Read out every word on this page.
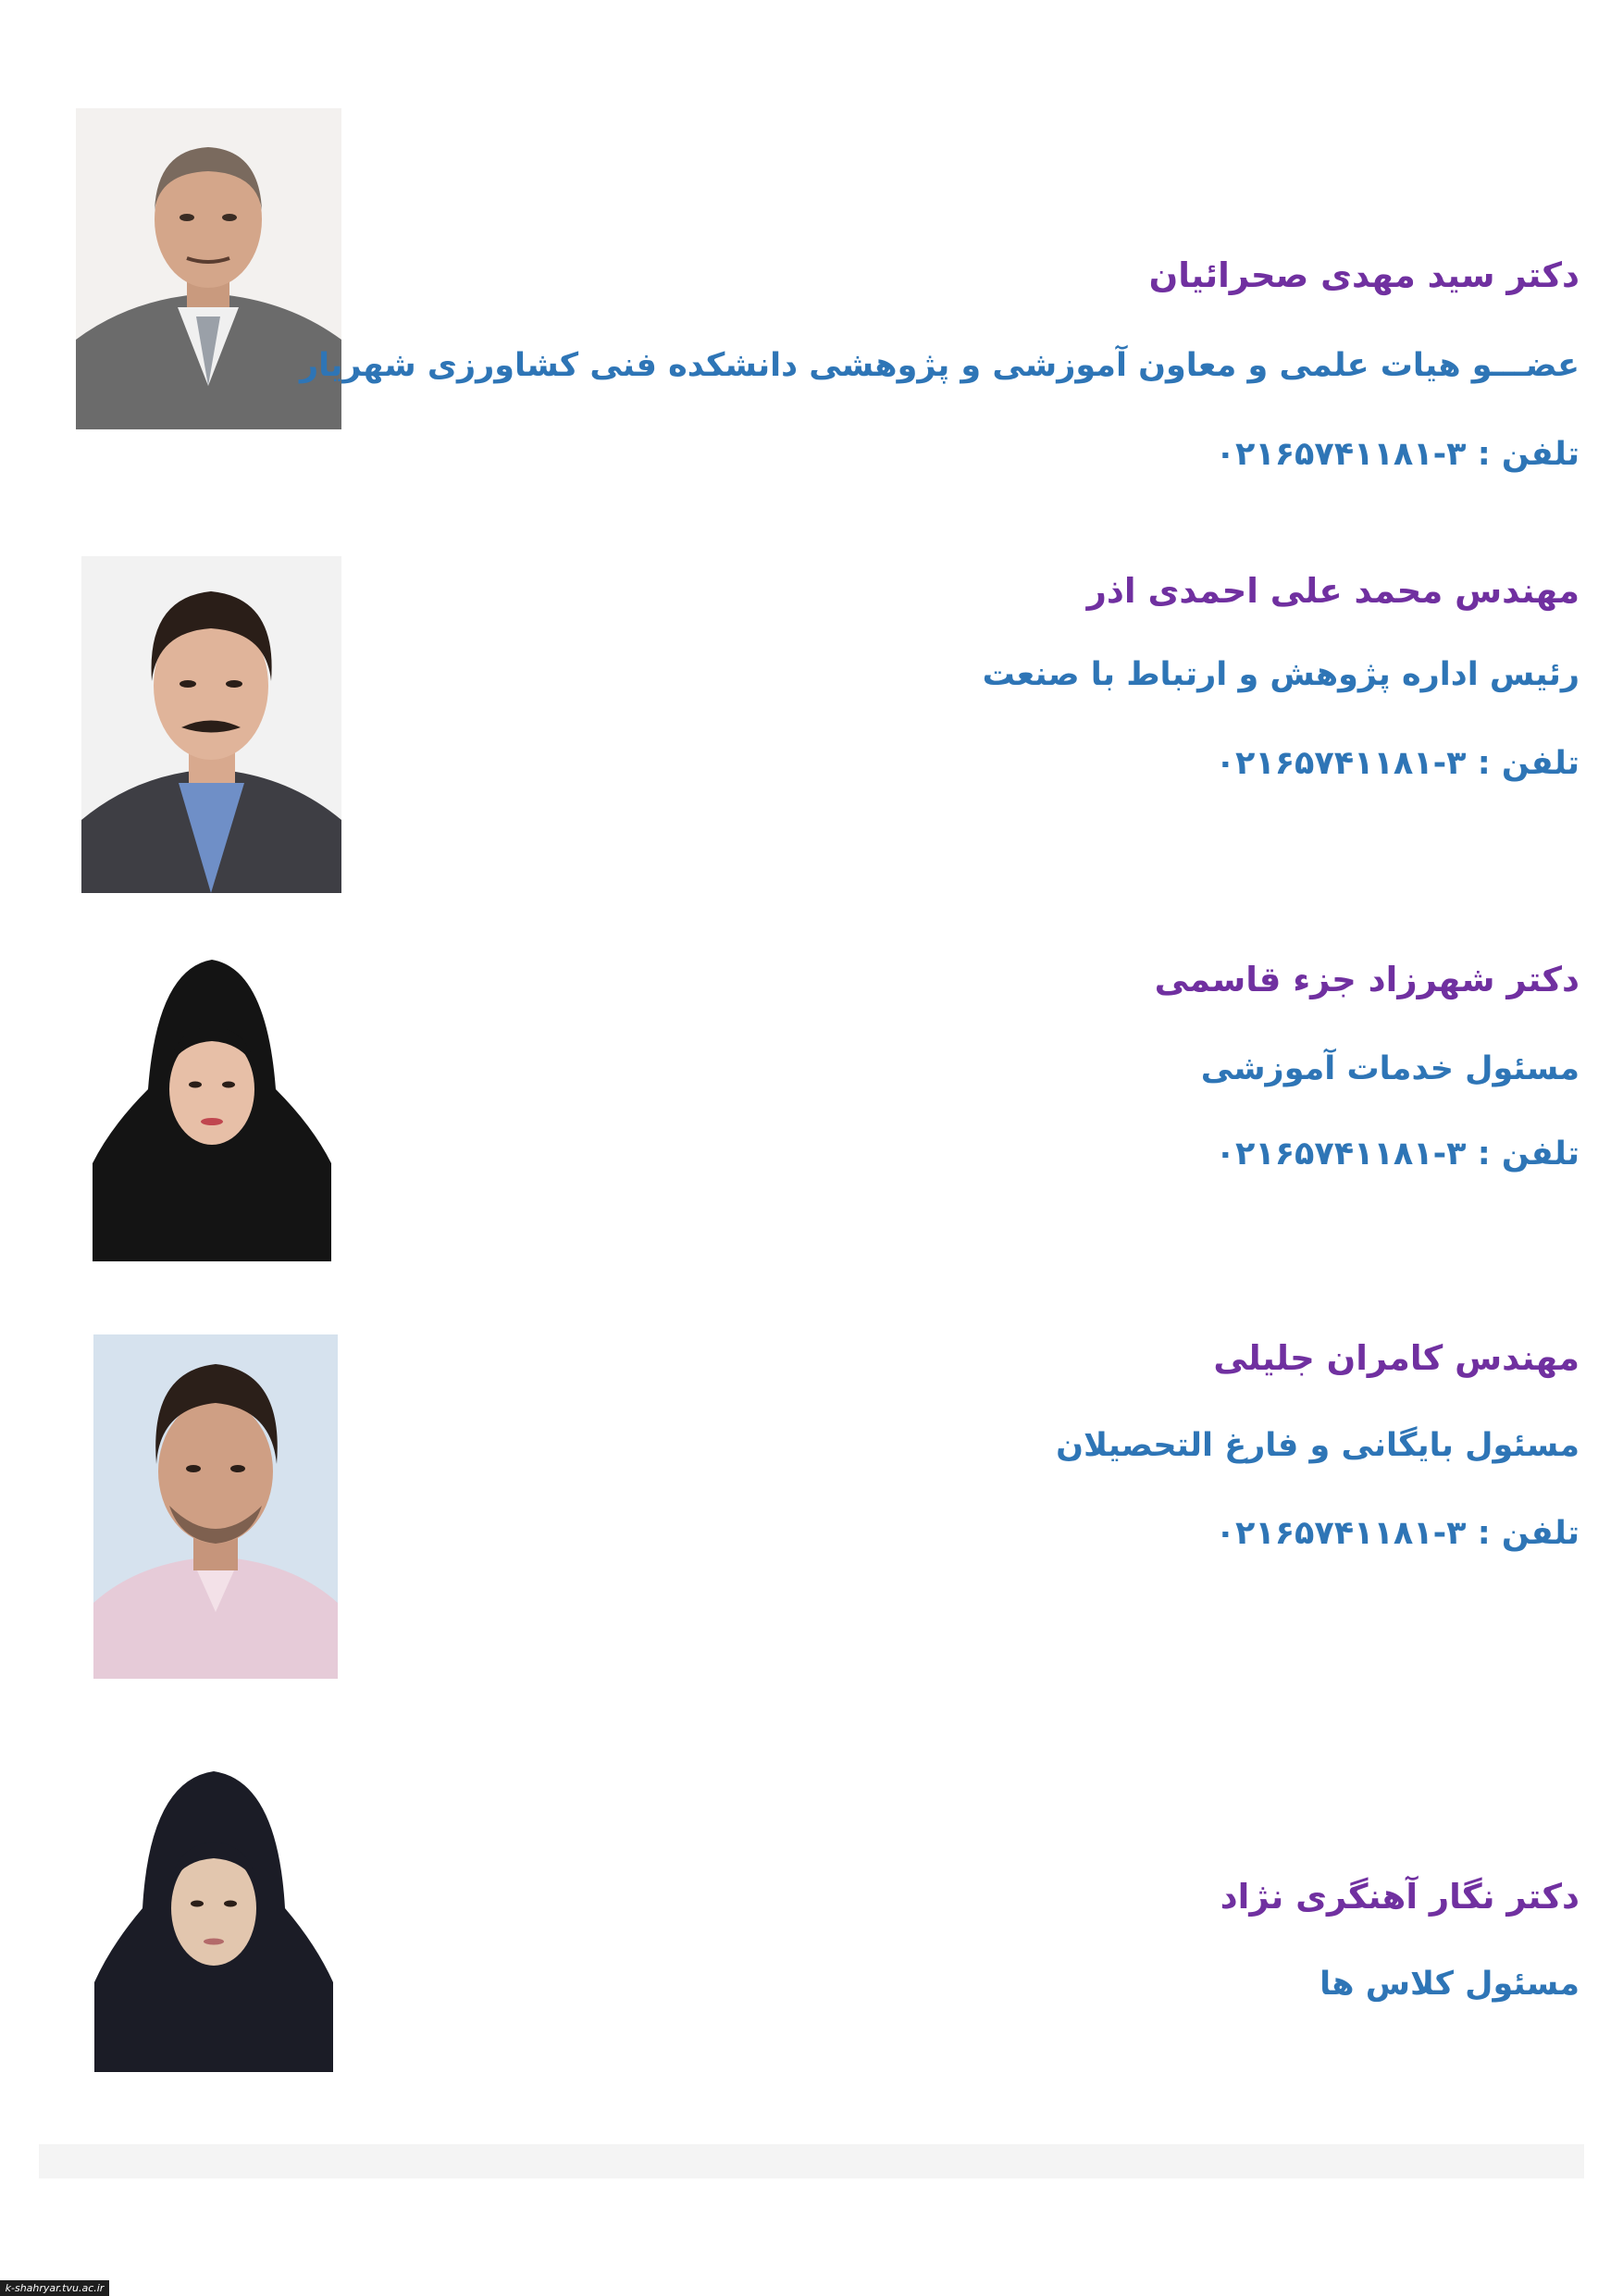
دکتر سید مهدی صحرائیان
عضـــو هیات علمی و معاون آموزشی و پژوهشی دانشکده فنی کشاورزی شهریار
تلفن : ۳-۰۲۱۶۵۷۴۱۱۸۱
مهندس محمد علی احمدی اذر
رئیس اداره پژوهش و ارتباط با صنعت
تلفن : ۳-۰۲۱۶۵۷۴۱۱۸۱
دکتر شهرزاد جزء قاسمی
مسئول خدمات آموزشی
تلفن : ۳-۰۲۱۶۵۷۴۱۱۸۱
مهندس کامران جلیلی
مسئول بایگانی و فارغ التحصیلان
تلفن : ۳-۰۲۱۶۵۷۴۱۱۸۱
دکتر نگار آهنگری نژاد
مسئول کلاس ها
k-shahryar.tvu.ac.ir
